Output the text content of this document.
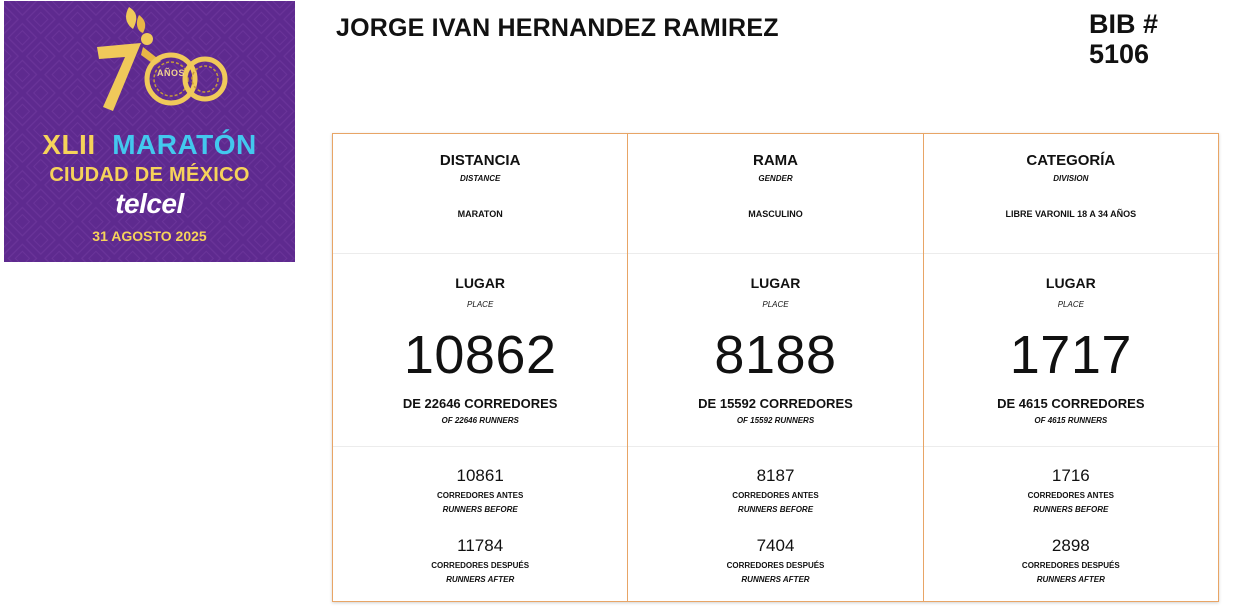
AÑOS
XLII MARATÓN
CIUDAD DE MÉXICO
telcel
31 AGOSTO 2025
JORGE IVAN HERNANDEZ RAMIREZ	BIB #
5106
DISTANCIA
DISTANCE
MARATON
LUGAR
PLACE
10862
DE 22646 CORREDORES
OF 22646 RUNNERS
10861
CORREDORES ANTES
RUNNERS BEFORE
11784
CORREDORES DESPUÉS
RUNNERS AFTER
RAMA
GENDER
MASCULINO
LUGAR
PLACE
8188
DE 15592 CORREDORES
OF 15592 RUNNERS
8187
CORREDORES ANTES
RUNNERS BEFORE
7404
CORREDORES DESPUÉS
RUNNERS AFTER
CATEGORÍA
DIVISION
LIBRE VARONIL 18 A 34 AÑOS
LUGAR
PLACE
1717
DE 4615 CORREDORES
OF 4615 RUNNERS
1716
CORREDORES ANTES
RUNNERS BEFORE
2898
CORREDORES DESPUÉS
RUNNERS AFTER
